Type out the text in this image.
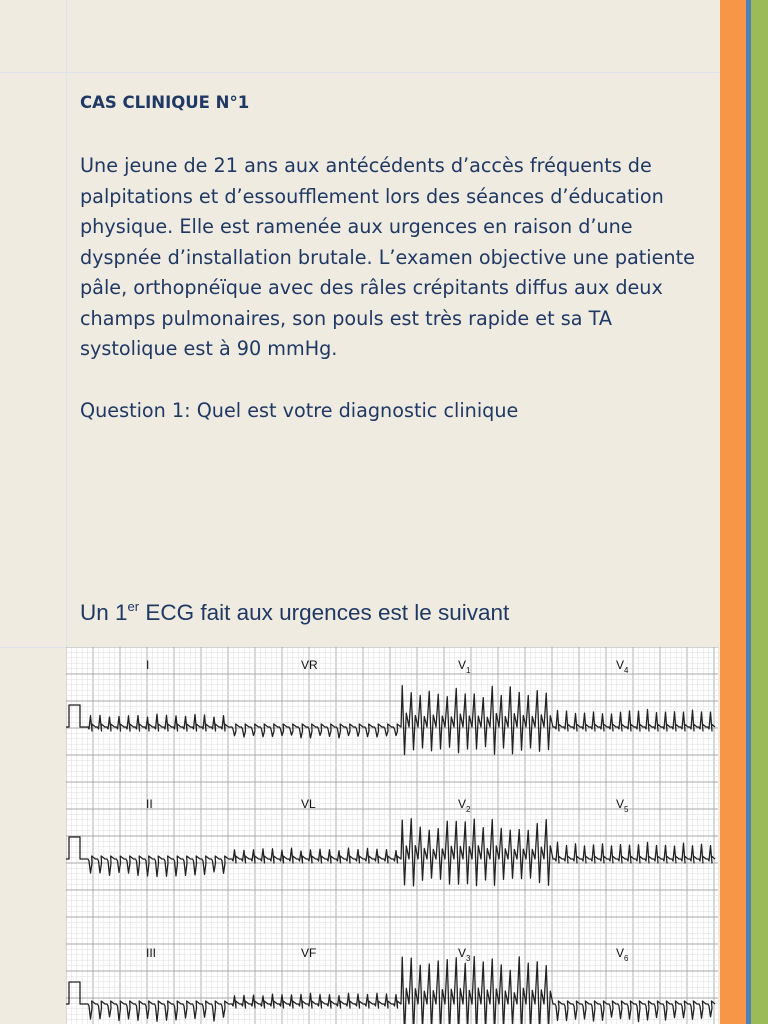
CAS CLINIQUE N°1

Une jeune de 21 ans aux antécédents d’accès fréquents de palpitations et d’essoufflement lors des séances d’éducation physique. Elle est ramenée aux urgences en raison d’une dyspnée d’installation brutale. L’examen objective une patiente pâle, orthopnéïque avec des râles crépitants diffus aux deux champs pulmonaires, son pouls est très rapide et sa TA systolique est à 90 mmHg.

Question 1: Quel est votre diagnostic clinique
Un 1er ECG fait aux urgences est le suivant
I	VR	$V_1$	$V_4$
II	VL	$V_2$	$V_5$
III	VF	$V_3$	$V_6$
